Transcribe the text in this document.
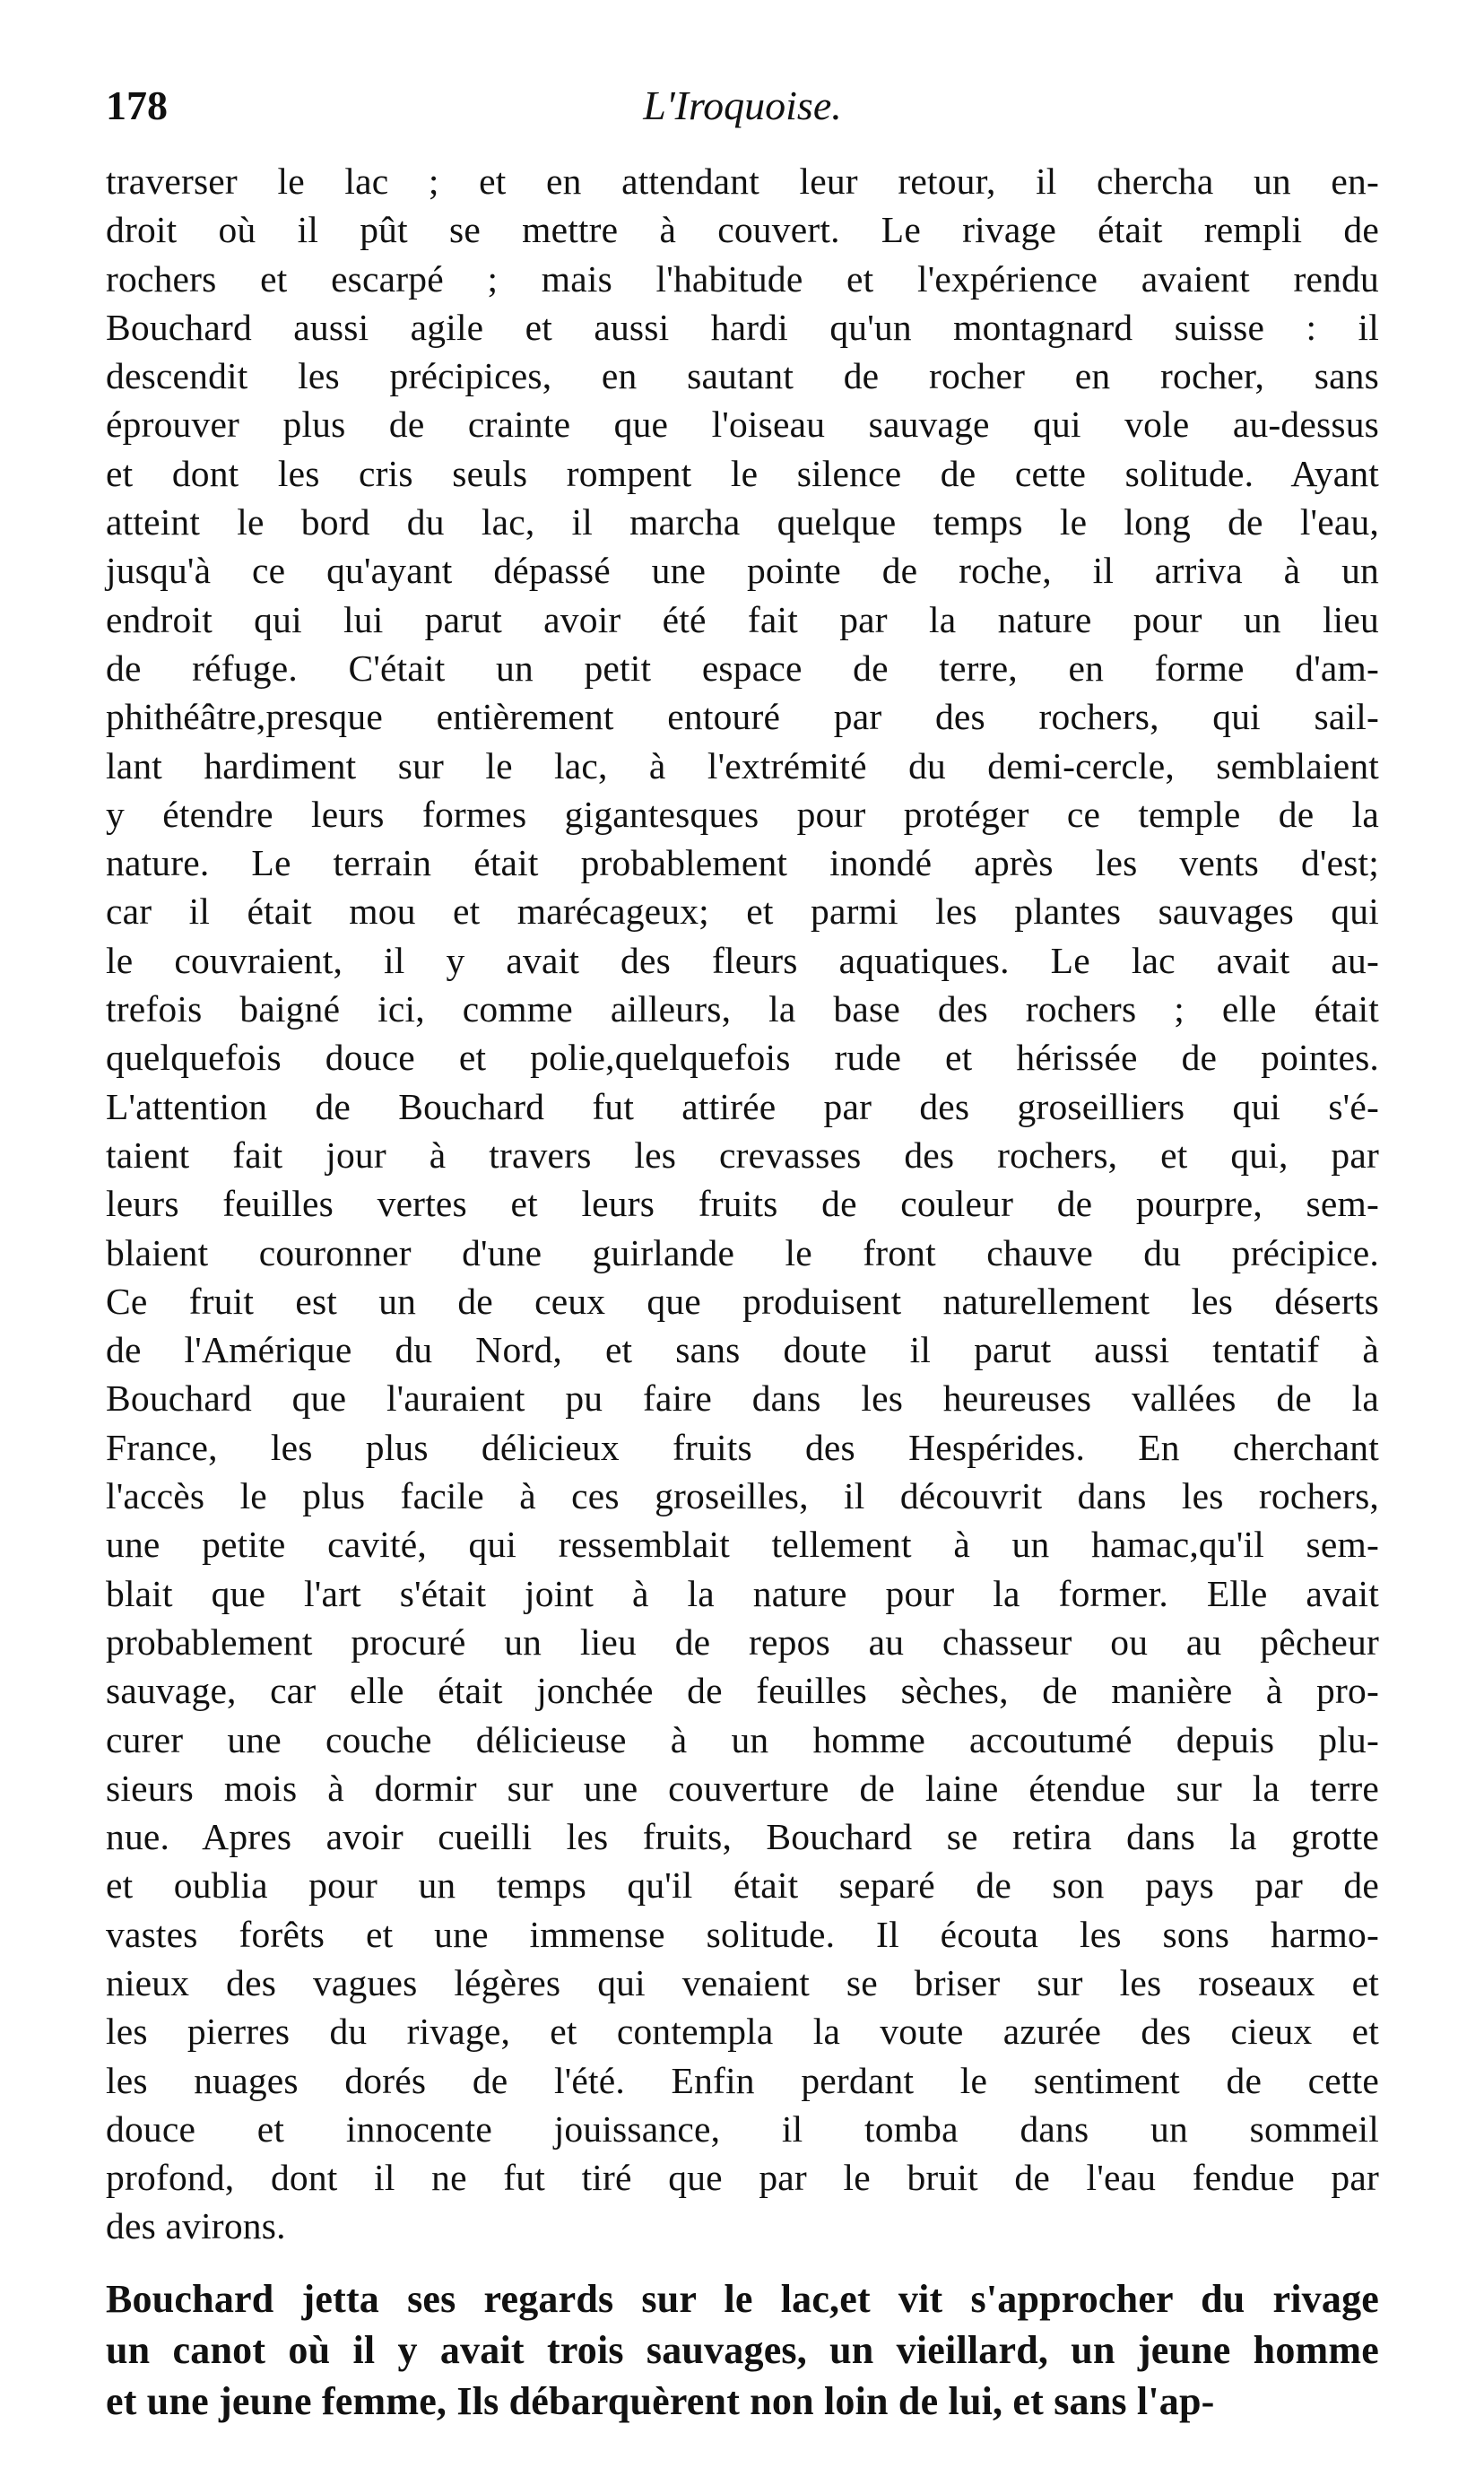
178	L'Iroquoise.
traverser le lac ; et en attendant leur retour, il chercha un en-
droit où il pût se mettre à couvert. Le rivage était rempli de
rochers et escarpé ; mais l'habitude et l'expérience avaient rendu
Bouchard aussi agile et aussi hardi qu'un montagnard suisse : il
descendit les précipices, en sautant de rocher en rocher, sans
éprouver plus de crainte que l'oiseau sauvage qui vole au-dessus
et dont les cris seuls rompent le silence de cette solitude. Ayant
atteint le bord du lac, il marcha quelque temps le long de l'eau,
jusqu'à ce qu'ayant dépassé une pointe de roche, il arriva à un
endroit qui lui parut avoir été fait par la nature pour un lieu
de réfuge. C'était un petit espace de terre, en forme d'am-
phithéâtre,presque entièrement entouré par des rochers, qui sail-
lant hardiment sur le lac, à l'extrémité du demi-cercle, semblaient
y étendre leurs formes gigantesques pour protéger ce temple de la
nature. Le terrain était probablement inondé après les vents d'est;
car il était mou et marécageux; et parmi les plantes sauvages qui
le couvraient, il y avait des fleurs aquatiques. Le lac avait au-
trefois baigné ici, comme ailleurs, la base des rochers ; elle était
quelquefois douce et polie,quelquefois rude et hérissée de pointes.
L'attention de Bouchard fut attirée par des groseilliers qui s'é-
taient fait jour à travers les crevasses des rochers, et qui, par
leurs feuilles vertes et leurs fruits de couleur de pourpre, sem-
blaient couronner d'une guirlande le front chauve du précipice.
Ce fruit est un de ceux que produisent naturellement les déserts
de l'Amérique du Nord, et sans doute il parut aussi tentatif à
Bouchard que l'auraient pu faire dans les heureuses vallées de la
France, les plus délicieux fruits des Hespérides. En cherchant
l'accès le plus facile à ces groseilles, il découvrit dans les rochers,
une petite cavité, qui ressemblait tellement à un hamac,qu'il sem-
blait que l'art s'était joint à la nature pour la former. Elle avait
probablement procuré un lieu de repos au chasseur ou au pêcheur
sauvage, car elle était jonchée de feuilles sèches, de manière à pro-
curer une couche délicieuse à un homme accoutumé depuis plu-
sieurs mois à dormir sur une couverture de laine étendue sur la terre
nue. Apres avoir cueilli les fruits, Bouchard se retira dans la grotte
et oublia pour un temps qu'il était separé de son pays par de
vastes forêts et une immense solitude. Il écouta les sons harmo-
nieux des vagues légères qui venaient se briser sur les roseaux et
les pierres du rivage, et contempla la voute azurée des cieux et
les nuages dorés de l'été. Enfin perdant le sentiment de cette
douce et innocente jouissance, il tomba dans un sommeil
profond, dont il ne fut tiré que par le bruit de l'eau fendue par
des avirons.
Bouchard jetta ses regards sur le lac,et vit s'approcher du rivage
un canot où il y avait trois sauvages, un vieillard, un jeune homme
et une jeune femme, Ils débarquèrent non loin de lui, et sans l'ap-
